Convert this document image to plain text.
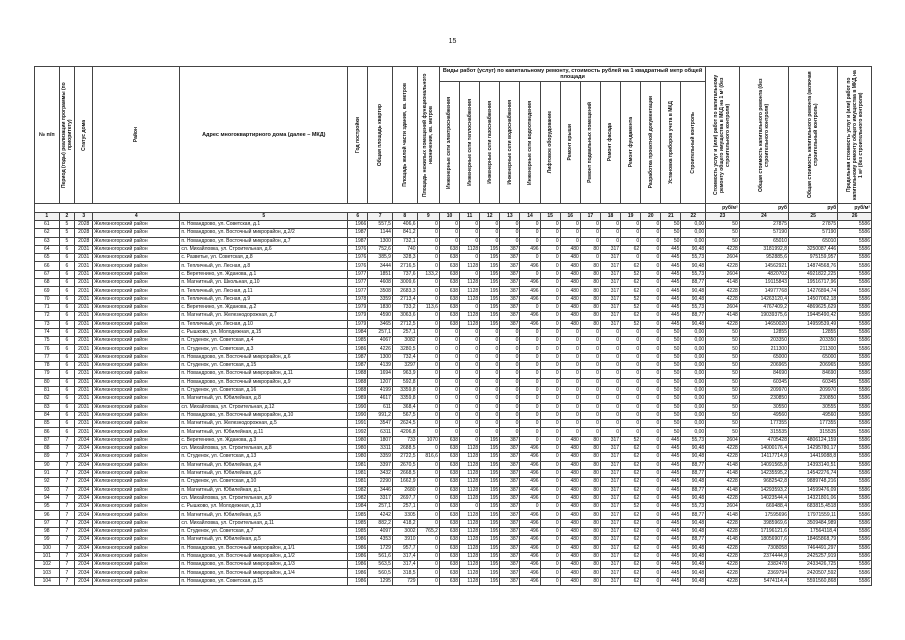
15
№ п/п	Период (годы) реализации программы (по приоритету)	Статус дома	Район	Адрес многоквартирного дома (далее – МКД)	Год постройки	Общая площадь квартир	Площадь жилой части здания, кв. метров	Площадь нежилых помещений функционального назначения, кв. метров	Виды работ (услуг) по капитальному ремонту, стоимость рублей на 1 квадратный метр общей площади													Стоимость услуг и (или) работ по капитальному ремонту общего имущества в МКД на 1 м² (без строительного контроля)	Общая стоимость капитального ремонта (без строительного контроля)	Общая стоимость капитального ремонта (включая строительный контроль)	Предельная стоимость услуг и (или) работ по капитальному ремонту общего имущества в МКД на 1 м² (без строительного контроля)

									Инженерные сети электроснабжения	Инженерные сети теплоснабжения	Инженерные сети газоснабжения	Инженерные сети водоснабжения	Инженерные сети водоотведения	Лифтовое оборудование	Ремонт крыши	Ремонт подвальных помещений	Ремонт фасада	Ремонт фундамента	Разработка проектной документации	Установка приборов учета в МКД	Строительный контроль				

																						руб/м²	руб	руб	руб/м²
1	2	3	4	5	6	7	8	9	10	11	12	13	14	15	16	17	18	19	20	21	22	23	24	25	26
61	5	2028	Железногорский район	п. Новандрово, ул. Советская, д.1	1966	557,5	406,6	0	0	0	0	0	0	0	0	0	0	0	0	50	0,00	50	27875	27875	5586
62	5	2028	Железногорский район	п. Новандрово, ул. Восточный микрорайон, д.2/2	1987	1144	841,2	0	0	0	0	0	0	0	0	0	0	0	0	50	0,00	50	57190	57190	5586
63	5	2028	Железногорский район	п. Новандрово, ул. Восточный микрорайон, д.7	1987	1300	732,1	0	0	0	0	0	0	0	0	0	0	0	0	50	0,00	50	65010	65010	5586
64	6	2031	Железногорский район	сл. Михайловка, ул. Строительная, д.6	1976	752,6	740	0	638	1128	195	387	496	0	480	80	317	62	0	445	90,48	4228	3181992,8	3250087,446	5586
65	6	2031	Железногорский район	с. Разветье, ул. Советская, д.8	1976	385,9	328,3	0	638	0	195	387	0	0	480	0	317	0	0	445	55,73	2604	952885,6	975159,957	5586
66	6	2031	Железногорский район	п. Тепличный, ул. Лесная, д.8	1976	3444	2716,5	0	638	1128	195	387	496	0	480	80	317	62	0	445	90,48	4228	14562921	14874568,76	5586
67	6	2031	Железногорский район	с. Веретенино, ул. Жданова, д.1	1977	1851	737,6	133,2	638	0	195	387	0	0	480	80	317	52	0	445	55,73	2604	4820702	4921822,225	5586
68	6	2031	Железногорский район	п. Магнитный, ул. Школьная, д.10	1977	4608	3009,6	0	638	1128	195	387	496	0	480	80	317	62	0	445	88,77	4148	19115843	19516717,96	5586
69	6	2031	Железногорский район	п. Тепличный, ул. Лесная, д.11	1977	3508	2683,3	0	638	1128	195	387	496	0	480	80	317	62	0	445	90,48	4228	14977768	14276894,74	5586
70	6	2031	Железногорский район	п. Тепличный, ул. Лесная, д.9	1978	3359	2713,4	0	638	1128	195	387	496	0	480	80	317	52	0	445	90,48	4228	14263120,4	14507062,18	5586
71	6	2031	Железногорский район	с. Веретенино, ул. Жданова, д.2	1979	1830	733,2	113,6	638	0	195	387	0	0	480	80	317	52	0	445	55,73	2604	4767409,2	4869625,629	5586
72	6	2031	Железногорский район	п. Магнитный, ул. Железнодорожная, д.7	1979	4590	3063,6	0	638	1128	195	387	496	0	480	80	317	62	0	445	88,77	4148	19039375,6	19445490,42	5586
73	6	2031	Железногорский район	п. Тепличный, ул. Лесная, д.10	1979	3465	2712,5	0	638	1128	195	387	496	0	480	80	317	52	0	445	90,48	4228	14650020	14959539,49	5586
74	6	2031	Железногорский район	с. Рышково, ул. Молодежная, д.15	1984	257,1	257,1	0	0	0	0	0	0	0	0	0	0	0	0	50	0,00	50	12855	12855	5586
75	6	2031	Железногорский район	п. Студенок, ул. Советская, д.4	1985	4067	3082	0	0	0	0	0	0	0	0	0	0	0	0	50	0,00	50	203350	203350	5586
76	6	2031	Железногорский район	п. Студенок, ул. Советская, д.3	1986	4226	3280,5	0	0	0	0	0	0	0	0	0	0	0	0	50	0,00	50	211300	211300	5586
77	6	2031	Железногорский район	п. Новандрово, ул. Восточный микрорайон, д.6	1987	1300	732,4	0	0	0	0	0	0	0	0	0	0	0	0	50	0,00	50	65000	65000	5586
78	6	2031	Железногорский район	п. Студенок, ул. Советская, д.15	1987	4139	3297	0	0	0	0	0	0	0	0	0	0	0	0	50	0,00	50	206965	206965	5586
79	6	2031	Железногорский район	п. Новандрово, ул. Восточный микрорайон, д.11	1988	1694	963,9	0	0	0	0	0	0	0	0	0	0	0	0	50	0,00	50	84690	84690	5586
80	6	2031	Железногорский район	п. Новандрово, ул. Восточный микрорайон, д.9	1988	1207	592,8	0	0	0	0	0	0	0	0	0	0	0	0	50	0,00	50	60345	60345	5586
81	6	2031	Железногорский район	п. Студенок, ул. Советская, д.16	1988	4199	3359,8	0	0	0	0	0	0	0	0	0	0	0	0	50	0,00	50	209970	209970	5586
82	6	2031	Железногорский район	п. Магнитный, ул. Юбилейная, д.8	1989	4617	3359,8	0	0	0	0	0	0	0	0	0	0	0	0	50	0,00	50	230850	230850	5586
83	6	2031	Железногорский район	сл. Михайловка, ул. Строительная, д.12	1990	611	368,4	0	0	0	0	0	0	0	0	0	0	0	0	50	0,00	50	30550	30555	5586
84	6	2031	Железногорский район	п. Новандрово, ул. Восточный микрорайон, д.10	1990	991,2	567,5	0	0	0	0	0	0	0	0	0	0	0	0	50	0,00	50	49560	49560	5586
85	6	2031	Железногорский район	п. Магнитный, ул. Железнодорожная, д.5	1991	3547	2624,5	0	0	0	0	0	0	0	0	0	0	0	0	50	0,00	50	177355	177355	5586
86	6	2031	Железногорский район	п. Магнитный, ул. Юбилейная, д.11	1992	6311	4206,8	0	0	0	0	0	0	0	0	0	0	0	0	50	0,00	50	315535	315535	5586
87	7	2034	Железногорский район	с. Веретенино, ул. Жданова, д.3	1980	1807	733	1070	638	0	195	387	0	0	480	80	317	52	0	445	55,73	2604	4705428	4806124,159	5586
88	7	2034	Железногорский район	сл. Михайловка, ул. Строительная, д.8	1980	3311	2688,5	0	638	1128	195	387	496	0	480	80	317	62	0	445	90,48	4228	14000176,4	14295780,17	5586
89	7	2034	Железногорский район	п. Студенок, ул. Советская, д.13	1980	3359	2722,5	816,6	638	1128	195	387	496	0	480	80	317	62	0	445	90,48	4228	14117714,8	14419088,8	5586
90	7	2034	Железногорский район	п. Магнитный, ул. Юбилейная, д.4	1981	3397	2670,5	0	638	1128	195	387	496	0	480	80	317	62	0	445	88,77	4148	14091565,8	14393140,51	5586
91	7	2034	Железногорский район	п. Магнитный, ул. Юбилейная, д.6	1981	3432	2668,5	0	638	1128	195	387	496	0	480	80	317	62	0	445	88,77	4148	14235595,2	14542276,74	5586
92	7	2034	Железногорский район	п. Студенок, ул. Советская, д.10	1981	2290	1662,9	0	638	1128	195	387	496	0	480	80	317	62	0	445	90,48	4228	9682542,8	9889748,216	5586
93	7	2034	Железногорский район	п. Магнитный, ул. Юбилейная, д.1	1982	3446	2680	0	638	1128	195	387	496	0	480	80	317	62	0	445	88,77	4148	14293593,2	14599476,09	5586
94	7	2034	Железногорский район	сл. Михайловка, ул. Строительная, д.9	1982	3317	2697,7	0	638	1128	195	387	496	0	480	80	317	62	0	445	90,48	4228	14023544,4	14321801,06	5586
95	7	2034	Железногорский район	с. Рышково, ул. Молодежная, д.13	1984	257,1	257,1	0	638	0	195	387	0	0	480	80	317	52	0	445	55,73	2604	669488,4	683815,4518	5586
96	7	2034	Железногорский район	п. Магнитный, ул. Юбилейная, д.5	1985	4242	3305	0	638	1128	195	387	496	0	480	80	317	62	0	445	88,77	4148	17595696	17971559,11	5586
97	7	2034	Железногорский район	сл. Михайловка, ул. Строительная, д.11	1985	882,2	418,2	0	638	1128	195	387	496	0	480	80	317	62	0	445	90,48	4228	3985969,6	3509484,989	5586
98	7	2034	Железногорский район	п. Студенок, ул. Советская, д.7	1985	4097	3002	765,2	638	1128	195	387	496	0	480	80	317	62	0	445	90,48	4228	17196121,6	17564118,4	5586
99	7	2034	Железногорский район	п. Магнитный, ул. Юбилейная, д.5	1986	4353	3910	0	638	1128	195	387	496	0	480	80	317	62	0	445	88,77	4148	18056907,6	18465868,79	5586
100	7	2034	Железногорский район	п. Новандрово, ул. Восточный микрорайон, д.1/1	1986	1729	957,7	0	638	1128	195	387	496	0	480	80	317	62	0	445	90,48	4228	7308058	7464491,297	5586
101	7	2034	Железногорский район	п. Новандрово, ул. Восточный микрорайон, д.1/2	1986	561,6	317,4	0	638	1128	195	387	496	0	480	80	317	62	0	445	90,48	4228	2374444,8	2425257,919	5586
102	7	2034	Железногорский район	п. Новандрово, ул. Восточный микрорайон, д.1/3	1986	563,5	317,4	0	638	1128	195	387	496	0	480	80	317	62	0	445	90,48	4228	2382478	2433426,725	5586
103	7	2034	Железногорский район	п. Новандрово, ул. Восточный микрорайон, д.1/4	1986	560,5	318,5	0	638	1128	195	387	496	0	480	80	317	62	0	445	90,48	4228	2369794	2420507,592	5586
104	7	2034	Железногорский район	п. Новандрово, ул. Советская, д.15	1986	1295	729	0	638	1128	195	387	496	0	480	80	317	62	0	445	90,48	4228	5474114,4	5591560,868	5586
